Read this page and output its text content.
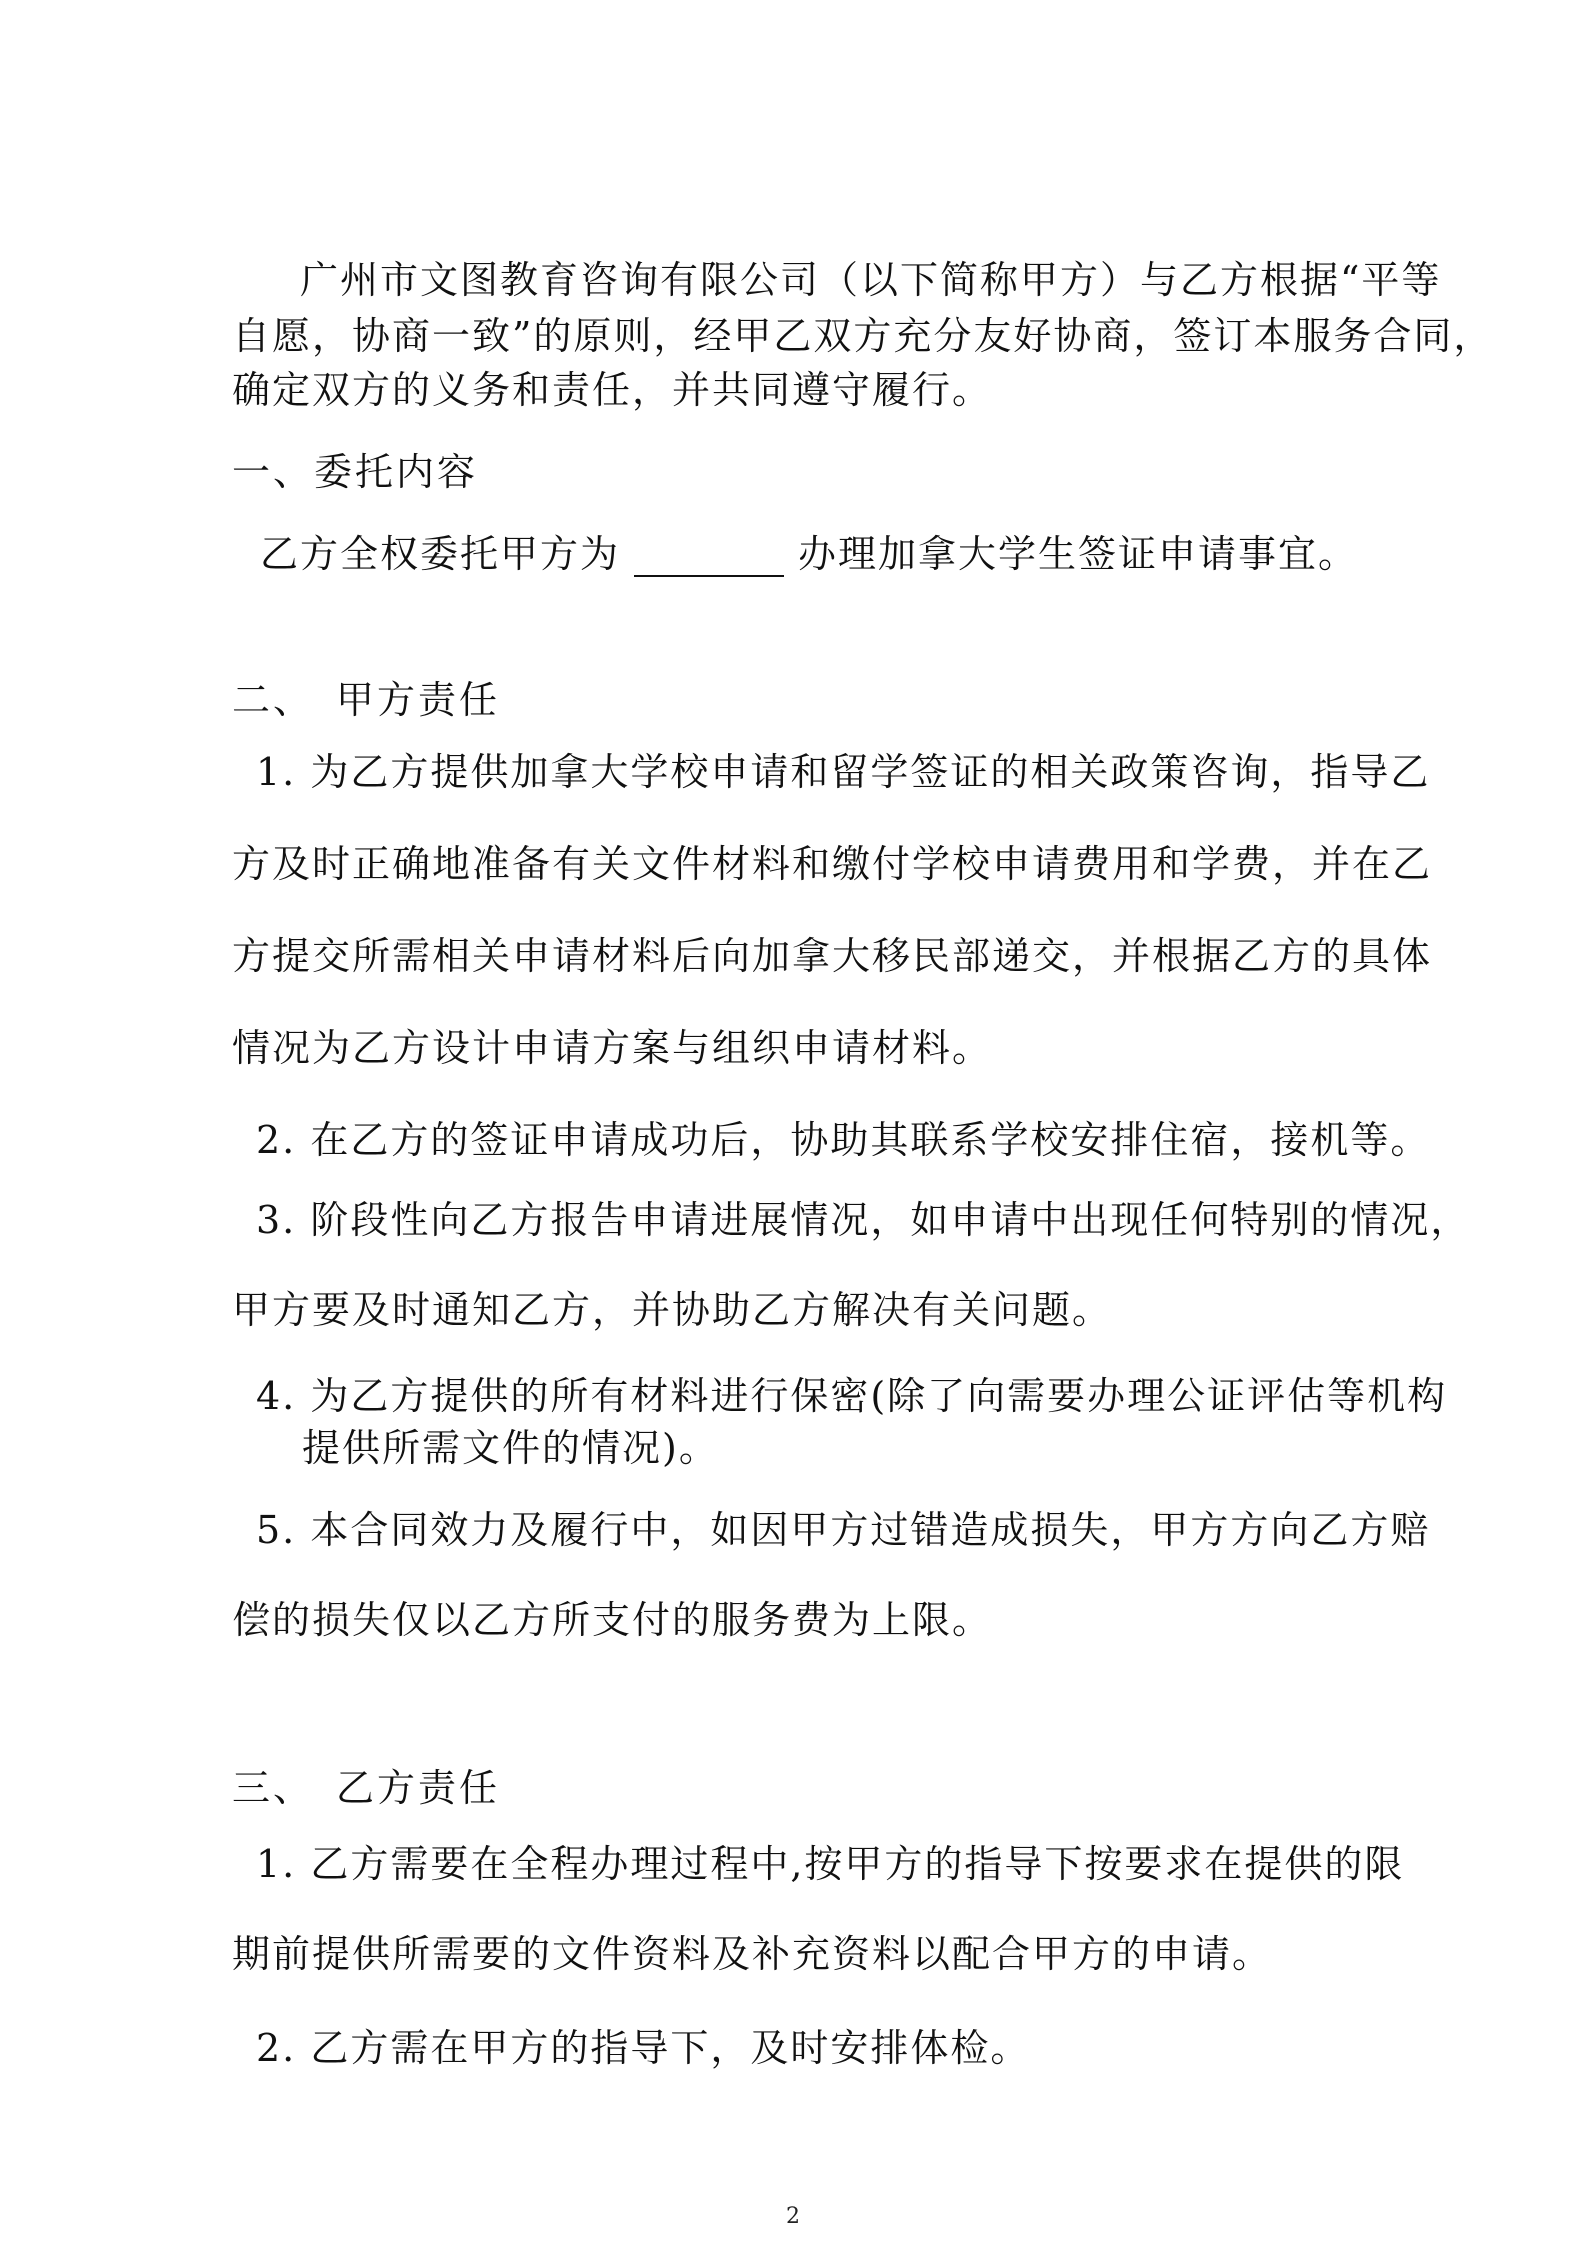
广州市文图教育咨询有限公司（以下简称甲方）与乙方根据“平等
自愿，协商一致”的原则，经甲乙双方充分友好协商，签订本服务合同，
确定双方的义务和责任，并共同遵守履行。
一、委托内容
乙方全权委托甲方为	办理加拿大学生签证申请事宜。
二、　甲方责任
1. 为乙方提供加拿大学校申请和留学签证的相关政策咨询，指导乙
方及时正确地准备有关文件材料和缴付学校申请费用和学费，并在乙
方提交所需相关申请材料后向加拿大移民部递交，并根据乙方的具体
情况为乙方设计申请方案与组织申请材料。
2. 在乙方的签证申请成功后，协助其联系学校安排住宿，接机等。
3. 阶段性向乙方报告申请进展情况，如申请中出现任何特别的情况，
甲方要及时通知乙方，并协助乙方解决有关问题。
4. 为乙方提供的所有材料进行保密(除了向需要办理公证评估等机构
提供所需文件的情况)。
5. 本合同效力及履行中，如因甲方过错造成损失，甲方方向乙方赔
偿的损失仅以乙方所支付的服务费为上限。
三、　乙方责任
1. 乙方需要在全程办理过程中,按甲方的指导下按要求在提供的限
期前提供所需要的文件资料及补充资料以配合甲方的申请。
2. 乙方需在甲方的指导下，及时安排体检。
2
